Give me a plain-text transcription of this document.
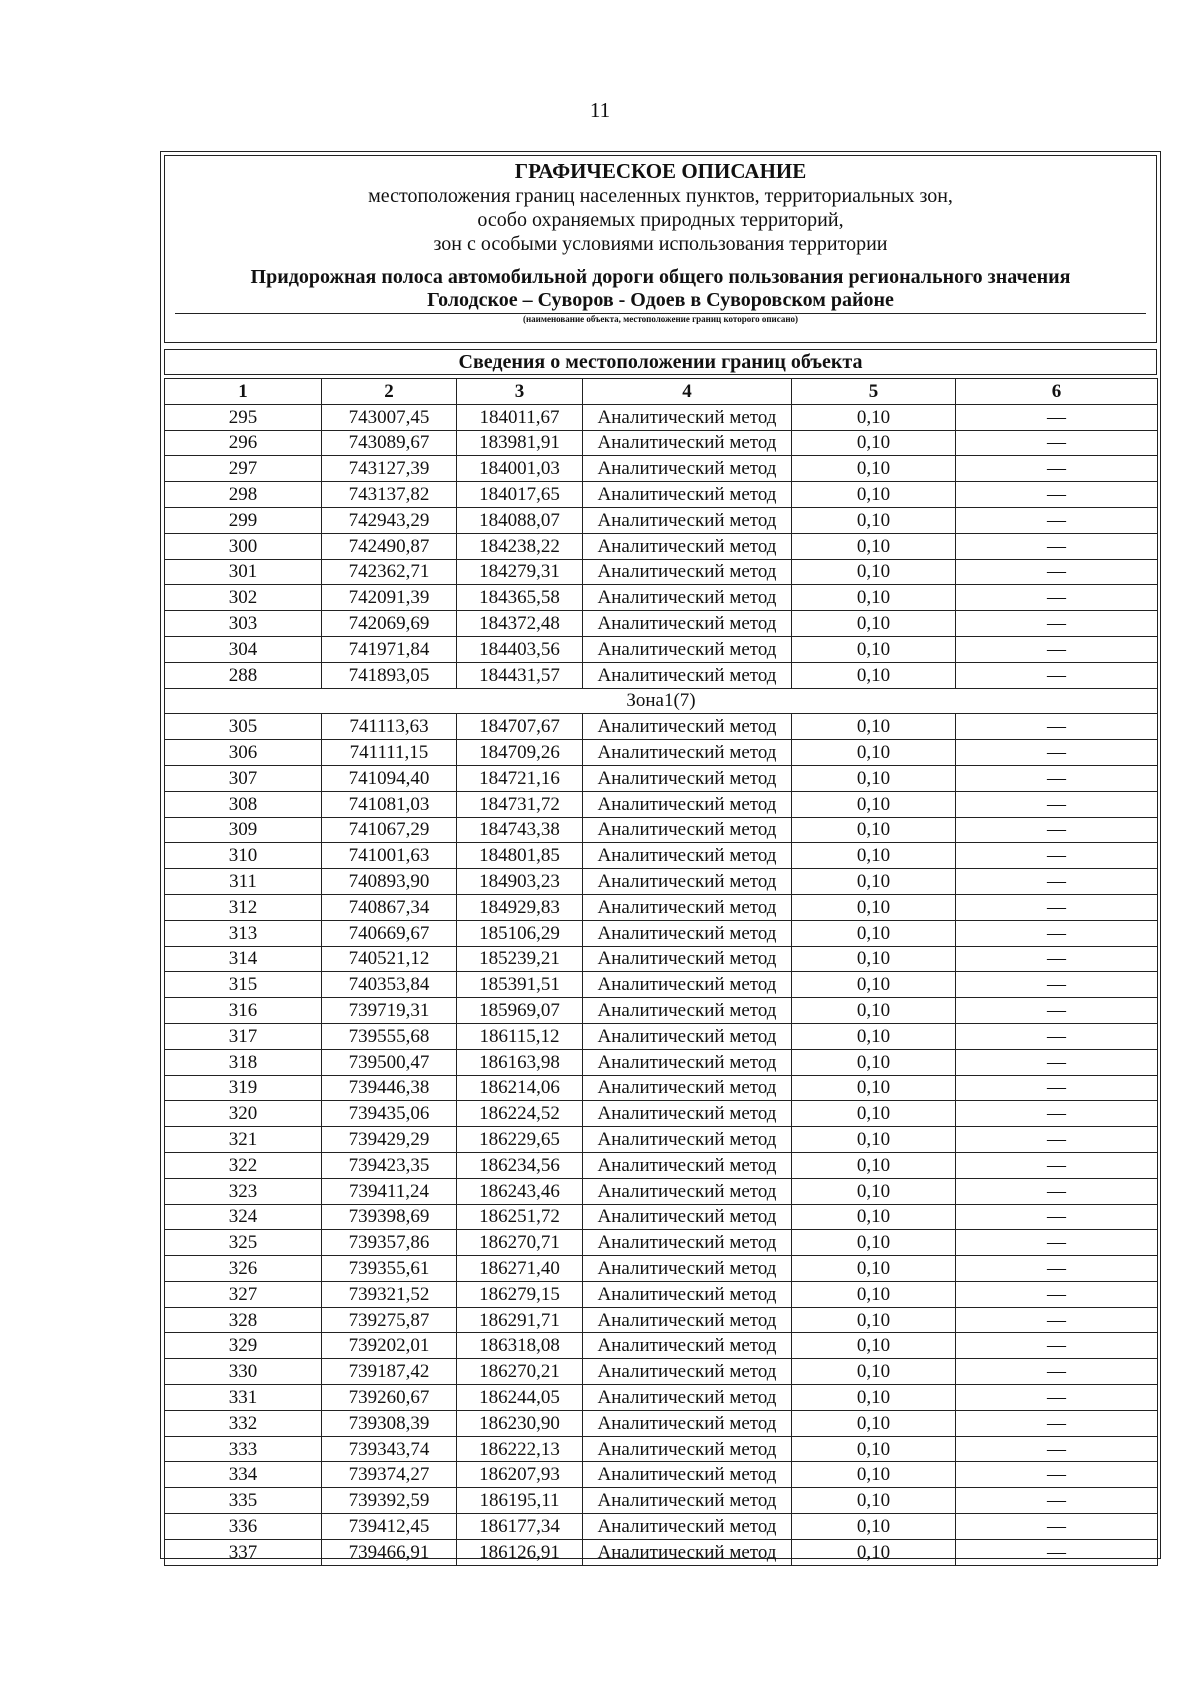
11
ГРАФИЧЕСКОЕ ОПИСАНИЕ
местоположения границ населенных пунктов, территориальных зон,
особо охраняемых природных территорий,
зон с особыми условиями использования территории
Придорожная полоса автомобильной дороги общего пользования регионального значения
Голодское – Суворов - Одоев в Суворовском районе
(наименование объекта, местоположение границ которого описано)
Сведения о местоположении границ объекта
1	2	3	4	5	6
295	743007,45	184011,67	Аналитический метод	0,10	—
296	743089,67	183981,91	Аналитический метод	0,10	—
297	743127,39	184001,03	Аналитический метод	0,10	—
298	743137,82	184017,65	Аналитический метод	0,10	—
299	742943,29	184088,07	Аналитический метод	0,10	—
300	742490,87	184238,22	Аналитический метод	0,10	—
301	742362,71	184279,31	Аналитический метод	0,10	—
302	742091,39	184365,58	Аналитический метод	0,10	—
303	742069,69	184372,48	Аналитический метод	0,10	—
304	741971,84	184403,56	Аналитический метод	0,10	—
288	741893,05	184431,57	Аналитический метод	0,10	—
Зона1(7)					
305	741113,63	184707,67	Аналитический метод	0,10	—
306	741111,15	184709,26	Аналитический метод	0,10	—
307	741094,40	184721,16	Аналитический метод	0,10	—
308	741081,03	184731,72	Аналитический метод	0,10	—
309	741067,29	184743,38	Аналитический метод	0,10	—
310	741001,63	184801,85	Аналитический метод	0,10	—
311	740893,90	184903,23	Аналитический метод	0,10	—
312	740867,34	184929,83	Аналитический метод	0,10	—
313	740669,67	185106,29	Аналитический метод	0,10	—
314	740521,12	185239,21	Аналитический метод	0,10	—
315	740353,84	185391,51	Аналитический метод	0,10	—
316	739719,31	185969,07	Аналитический метод	0,10	—
317	739555,68	186115,12	Аналитический метод	0,10	—
318	739500,47	186163,98	Аналитический метод	0,10	—
319	739446,38	186214,06	Аналитический метод	0,10	—
320	739435,06	186224,52	Аналитический метод	0,10	—
321	739429,29	186229,65	Аналитический метод	0,10	—
322	739423,35	186234,56	Аналитический метод	0,10	—
323	739411,24	186243,46	Аналитический метод	0,10	—
324	739398,69	186251,72	Аналитический метод	0,10	—
325	739357,86	186270,71	Аналитический метод	0,10	—
326	739355,61	186271,40	Аналитический метод	0,10	—
327	739321,52	186279,15	Аналитический метод	0,10	—
328	739275,87	186291,71	Аналитический метод	0,10	—
329	739202,01	186318,08	Аналитический метод	0,10	—
330	739187,42	186270,21	Аналитический метод	0,10	—
331	739260,67	186244,05	Аналитический метод	0,10	—
332	739308,39	186230,90	Аналитический метод	0,10	—
333	739343,74	186222,13	Аналитический метод	0,10	—
334	739374,27	186207,93	Аналитический метод	0,10	—
335	739392,59	186195,11	Аналитический метод	0,10	—
336	739412,45	186177,34	Аналитический метод	0,10	—
337	739466,91	186126,91	Аналитический метод	0,10	—
